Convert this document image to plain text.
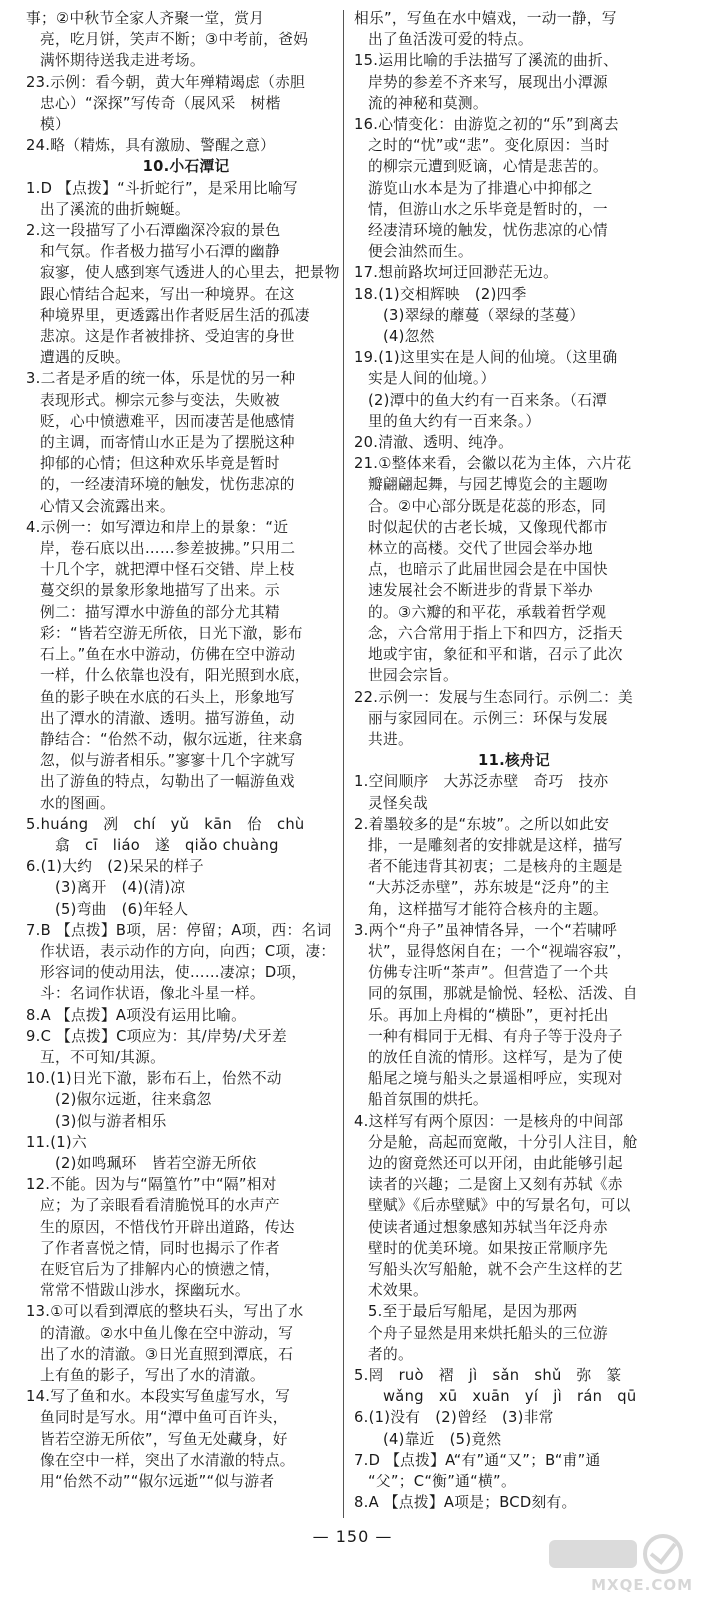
事；②中秋节全家人齐聚一堂，赏月
亮，吃月饼，笑声不断；③中考前，爸妈
满怀期待送我走进考场。
23.示例：看今朝，黄大年殚精竭虑（赤胆
忠心）“深探”写传奇（展风采　树楷
模）
24.略（精炼，具有激励、警醒之意）
10.小石潭记
1.D 【点拨】“斗折蛇行”，是采用比喻写
出了溪流的曲折蜿蜒。
2.这一段描写了小石潭幽深冷寂的景色
和气氛。作者极力描写小石潭的幽静
寂寥，使人感到寒气透进人的心里去，把景物
跟心情结合起来，写出一种境界。在这
种境界里，更透露出作者贬居生活的孤凄
悲凉。这是作者被排挤、受迫害的身世
遭遇的反映。
3.二者是矛盾的统一体，乐是忧的另一种
表现形式。柳宗元参与变法，失败被
贬，心中愤懑难平，因而凄苦是他感情
的主调，而寄情山水正是为了摆脱这种
抑郁的心情；但这种欢乐毕竟是暂时
的，一经凄清环境的触发，忧伤悲凉的
心情又会流露出来。
4.示例一：如写潭边和岸上的景象：“近
岸，卷石底以出……参差披拂。”只用二
十几个字，就把潭中怪石交错、岸上枝
蔓交织的景象形象地描写了出来。示
例二：描写潭水中游鱼的部分尤其精
彩：“皆若空游无所依，日光下澈，影布
石上。”鱼在水中游动，仿佛在空中游动
一样，什么依靠也没有，阳光照到水底，
鱼的影子映在水底的石头上，形象地写
出了潭水的清澈、透明。描写游鱼，动
静结合：“佁然不动，俶尔远逝，往来翕
忽，似与游者相乐。”寥寥十几个字就写
出了游鱼的特点，勾勒出了一幅游鱼戏
水的图画。
5.huáng　冽　chí　yǔ　kān　佁　chù
　翕　cī　liáo　遂　qiǎo chuàng
6.(1)大约　(2)呆呆的样子
　(3)离开　(4)(清)凉
　(5)弯曲　(6)年轻人
7.B 【点拨】B项，居：停留；A项，西：名词
作状语，表示动作的方向，向西；C项，凄：
形容词的使动用法，使……凄凉；D项，
斗：名词作状语，像北斗星一样。
8.A 【点拨】A项没有运用比喻。
9.C 【点拨】C项应为：其/岸势/犬牙差
互，不可知/其源。
10.(1)日光下澈，影布石上，佁然不动
　(2)俶尔远逝，往来翕忽
　(3)似与游者相乐
11.(1)六
　(2)如鸣珮环　皆若空游无所依
12.不能。因为与“隔篁竹”中“隔”相对
应；为了亲眼看看清脆悦耳的水声产
生的原因，不惜伐竹开辟出道路，传达
了作者喜悦之情，同时也揭示了作者
在贬官后为了排解内心的愤懑之情，
常常不惜跋山涉水，探幽玩水。
13.①可以看到潭底的整块石头，写出了水
的清澈。②水中鱼儿像在空中游动，写
出了水的清澈。③日光直照到潭底，石
上有鱼的影子，写出了水的清澈。
14.写了鱼和水。本段实写鱼虚写水，写
鱼同时是写水。用“潭中鱼可百许头，
皆若空游无所依”，写鱼无处藏身，好
像在空中一样，突出了水清澈的特点。
用“佁然不动”“俶尔远逝”“似与游者
相乐”，写鱼在水中嬉戏，一动一静，写
出了鱼活泼可爱的特点。
15.运用比喻的手法描写了溪流的曲折、
岸势的参差不齐来写，展现出小潭源
流的神秘和莫测。
16.心情变化：由游览之初的“乐”到离去
之时的“忧”或“悲”。变化原因：当时
的柳宗元遭到贬谪，心情是悲苦的。
游览山水本是为了排遣心中抑郁之
情，但游山水之乐毕竟是暂时的，一
经凄清环境的触发，忧伤悲凉的心情
便会油然而生。
17.想前路坎坷迂回渺茫无边。
18.(1)交相辉映　(2)四季
　(3)翠绿的蘼蔓（翠绿的茎蔓）
　(4)忽然
19.(1)这里实在是人间的仙境。（这里确
实是人间的仙境。）
(2)潭中的鱼大约有一百来条。（石潭
里的鱼大约有一百来条。）
20.清澈、透明、纯净。
21.①整体来看，会徽以花为主体，六片花
瓣翩翩起舞，与园艺博览会的主题吻
合。②中心部分既是花蕊的形态，同
时似起伏的古老长城，又像现代都市
林立的高楼。交代了世园会举办地
点，也暗示了此届世园会是在中国快
速发展社会不断进步的背景下举办
的。③六瓣的和平花，承载着哲学观
念，六合常用于指上下和四方，泛指天
地或宇宙，象征和平和谐，召示了此次
世园会宗旨。
22.示例一：发展与生态同行。示例二：美
丽与家园同在。示例三：环保与发展
共进。
11.核舟记
1.空间顺序　大苏泛赤壁　奇巧　技亦
灵怪矣哉
2.着墨较多的是“东坡”。之所以如此安
排，一是雕刻者的安排就是这样，描写
者不能违背其初衷；二是核舟的主题是
“大苏泛赤壁”，苏东坡是“泛舟”的主
角，这样描写才能符合核舟的主题。
3.两个“舟子”虽神情各异，一个“若啸呼
状”，显得悠闲自在；一个“视端容寂”，
仿佛专注听“茶声”。但营造了一个共
同的氛围，那就是愉悦、轻松、活泼、自
乐。再加上舟楫的“横卧”，更衬托出
一种有楫同于无楫、有舟子等于没舟子
的放任自流的情形。这样写，是为了使
船尾之境与船头之景遥相呼应，实现对
船首氛围的烘托。
4.这样写有两个原因：一是核舟的中间部
分是舱，高起而宽敞，十分引人注目，舱
边的窗竟然还可以开闭，由此能够引起
读者的兴趣；二是窗上又刻有苏轼《赤
壁赋》《后赤壁赋》中的写景名句，可以
使读者通过想象感知苏轼当年泛舟赤
壁时的优美环境。如果按正常顺序先
写船头次写船舱，就不会产生这样的艺
术效果。
5.至于最后写船尾，是因为那两
个舟子显然是用来烘托船头的三位游
者的。
5.罔　ruò　褶　jì　sǎn　shǔ　弥　篆
　wǎng　xū　xuān　yí　jì　rán　qū
6.(1)没有　(2)曾经　(3)非常
　(4)靠近　(5)竟然
7.D 【点拨】A“有”通“又”；B“甫”通
“父”；C“衡”通“横”。
8.A 【点拨】A项是；BCD刻有。
— 150 —
MXQE.COM
